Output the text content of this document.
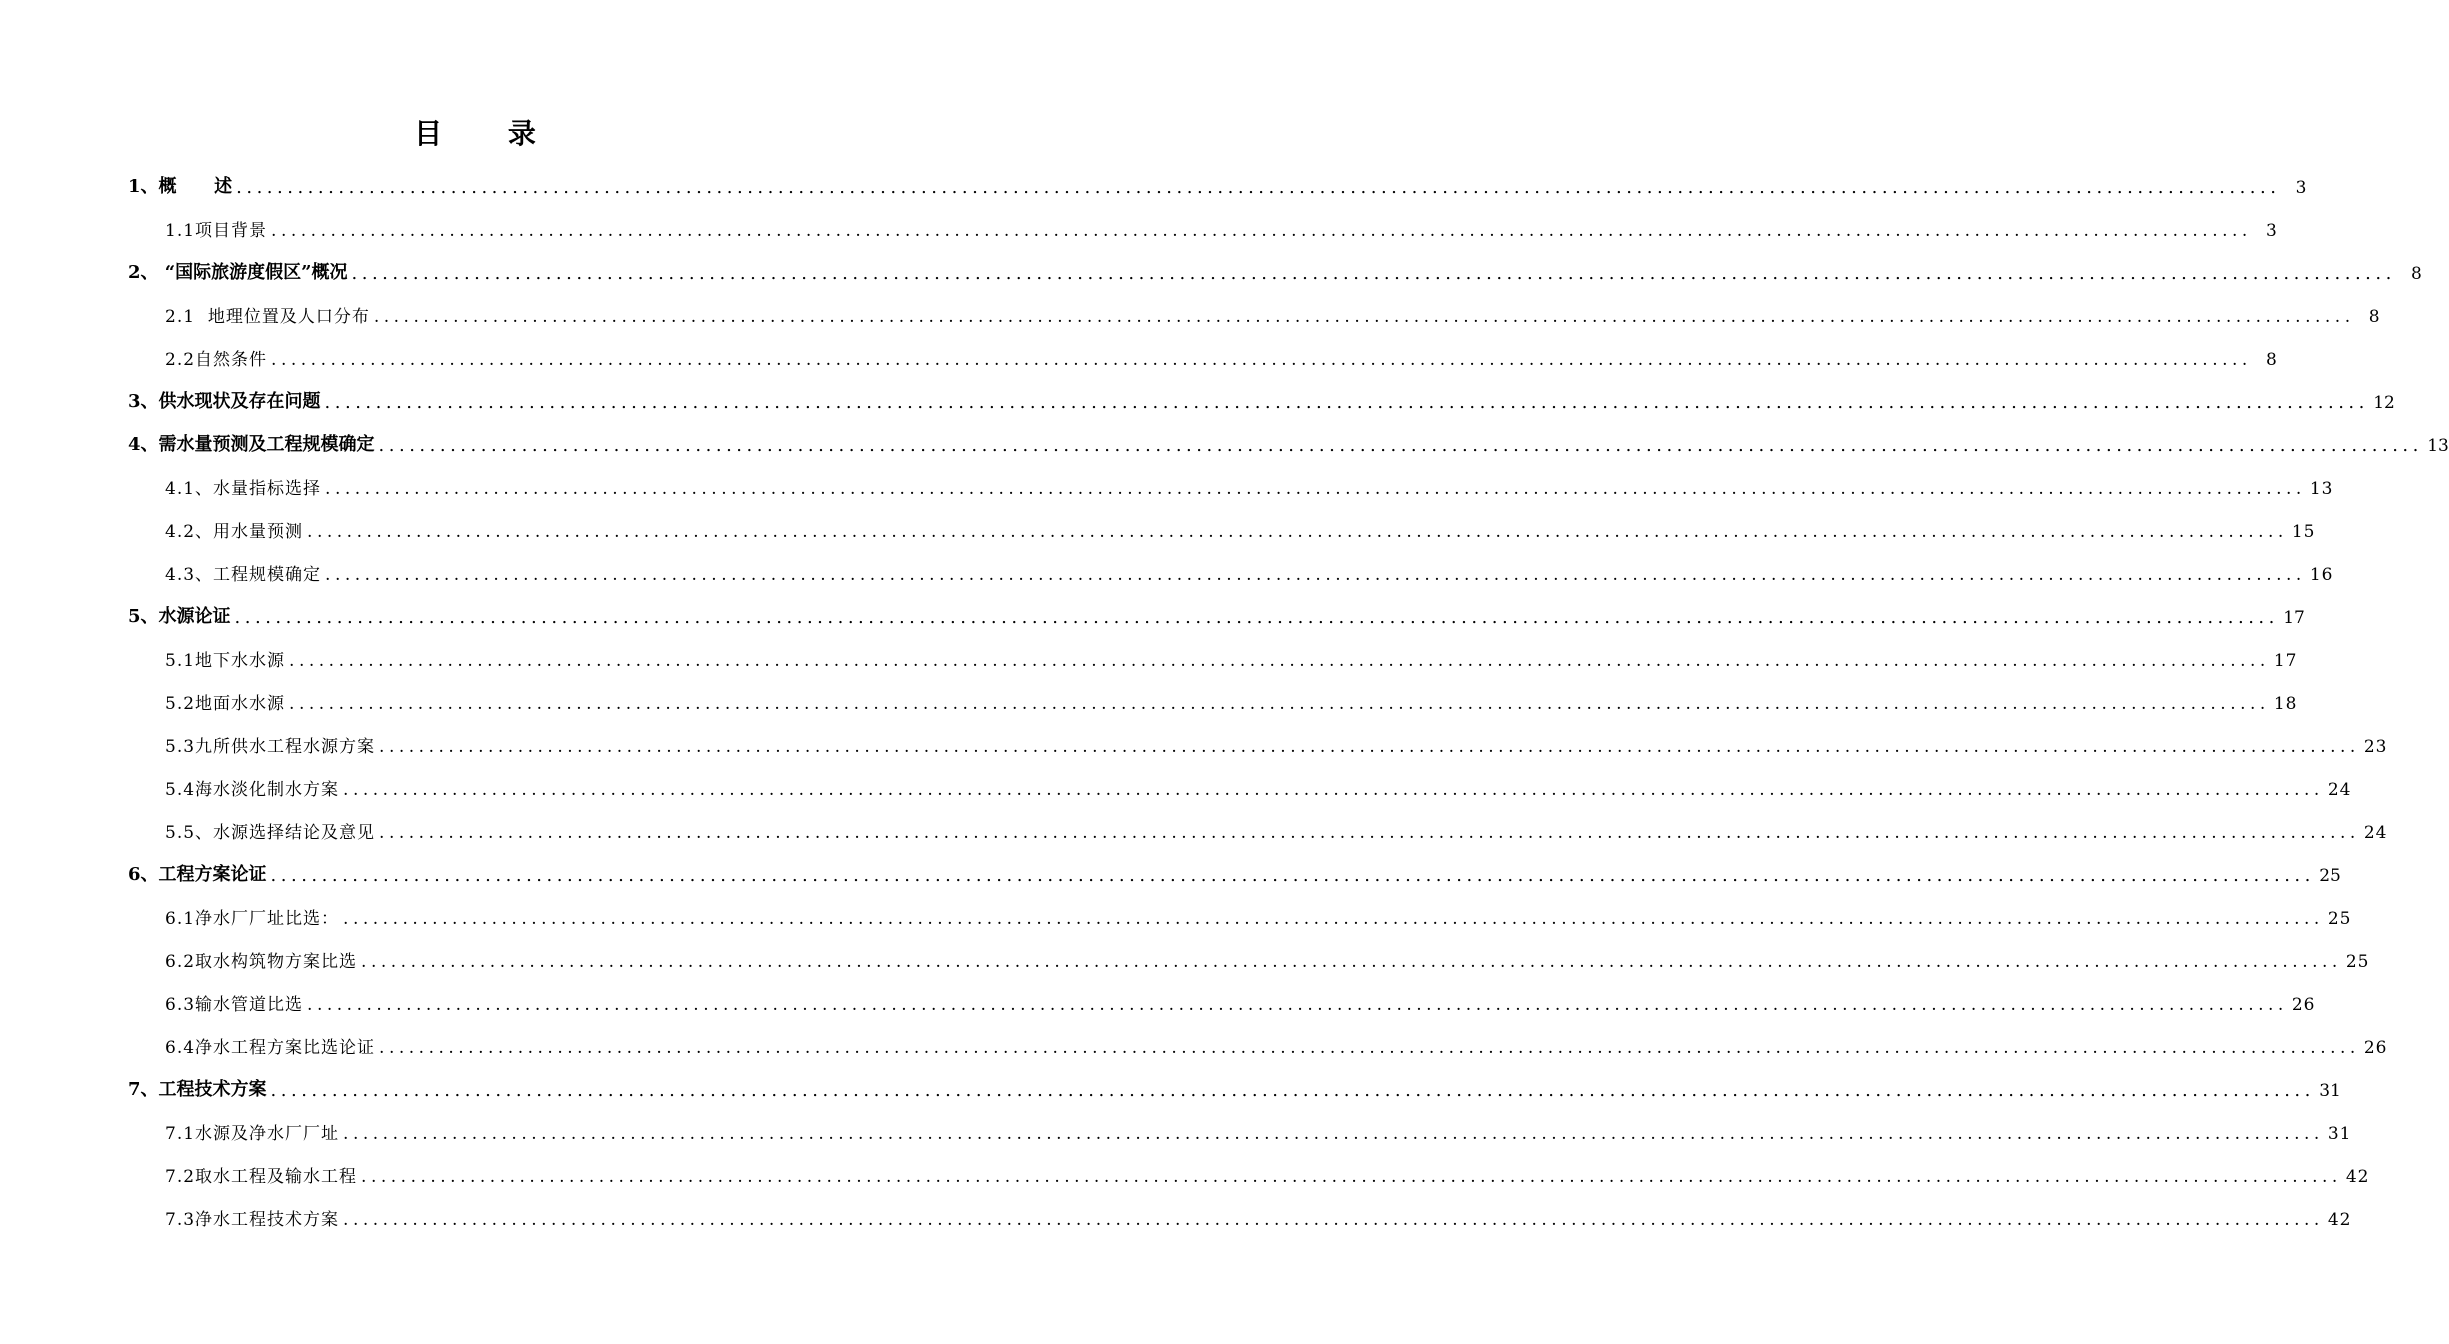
目 录
1、概      述 ........................................................................................................................................................................................................ 3
1.1项目背景 ........................................................................................................................................................................................................ 3
2、 “国际旅游度假区”概况 ........................................................................................................................................................................................................ 8
2.1  地理位置及人口分布 ........................................................................................................................................................................................................ 8
2.2自然条件 ........................................................................................................................................................................................................ 8
3、供水现状及存在问题 ........................................................................................................................................................................................................ 12
4、需水量预测及工程规模确定 ........................................................................................................................................................................................................ 13
4.1、水量指标选择 ........................................................................................................................................................................................................ 13
4.2、用水量预测 ........................................................................................................................................................................................................ 15
4.3、工程规模确定 ........................................................................................................................................................................................................ 16
5、水源论证 ........................................................................................................................................................................................................ 17
5.1地下水水源 ........................................................................................................................................................................................................ 17
5.2地面水水源 ........................................................................................................................................................................................................ 18
5.3九所供水工程水源方案 ........................................................................................................................................................................................................ 23
5.4海水淡化制水方案 ........................................................................................................................................................................................................ 24
5.5、水源选择结论及意见 ........................................................................................................................................................................................................ 24
6、工程方案论证 ........................................................................................................................................................................................................ 25
6.1净水厂厂址比选： ........................................................................................................................................................................................................ 25
6.2取水构筑物方案比选 ........................................................................................................................................................................................................ 25
6.3输水管道比选 ........................................................................................................................................................................................................ 26
6.4净水工程方案比选论证 ........................................................................................................................................................................................................ 26
7、工程技术方案 ........................................................................................................................................................................................................ 31
7.1水源及净水厂厂址 ........................................................................................................................................................................................................ 31
7.2取水工程及输水工程 ........................................................................................................................................................................................................ 42
7.3净水工程技术方案 ........................................................................................................................................................................................................ 42
